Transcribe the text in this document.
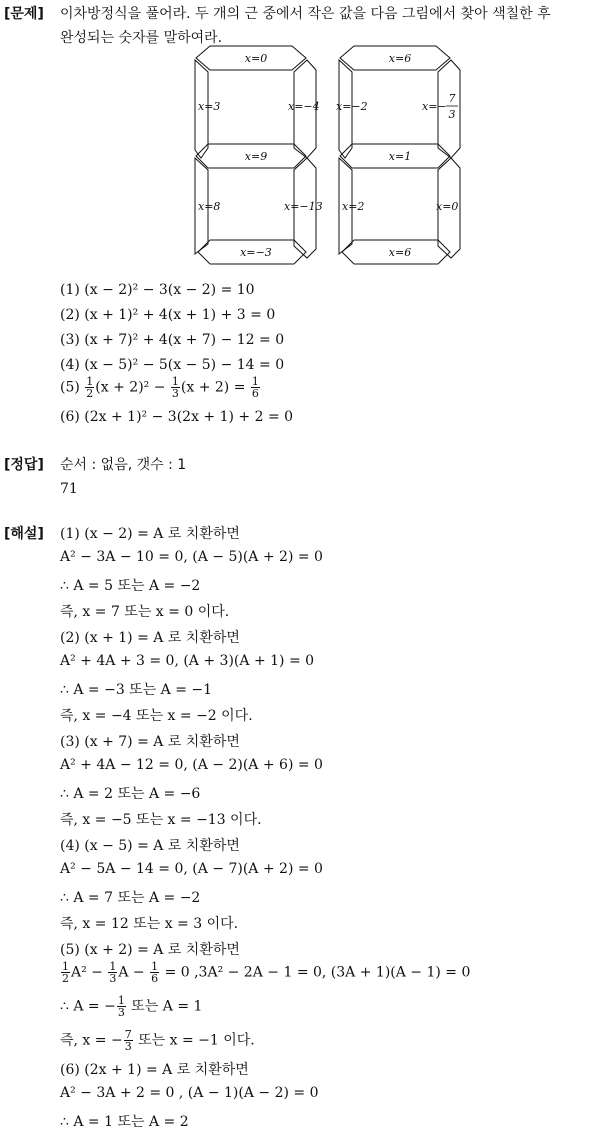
[문제] 이차방정식을 풀어라. 두 개의 근 중에서 작은 값을 다음 그림에서 찾아 색칠한 후
완성되는 숫자를 말하여라.
x=0
x=3	x=−4
x=9
x=8	x=−13
x=−3
x=6
x=−2	x=−
7
3
x=1
x=2	x=0
x=6
(1) (x − 2)² − 3(x − 2) = 10
(2) (x + 1)² + 4(x + 1) + 3 = 0
(3) (x + 7)² + 4(x + 7) − 12 = 0
(4) (x − 5)² − 5(x − 5) − 14 = 0
$(5) \frac{1}{2} (x + 2)^2 - \frac{1}{3} (x + 2) = \frac{1}{6}$
(6) (2x + 1)² − 3(2x + 1) + 2 = 0
[정답] 순서 : 없음, 갯수 : 1
71
[해설] (1) (x − 2) = A 로 치환하면
A² − 3A − 10 = 0, (A − 5)(A + 2) = 0
∴ A = 5 또는 A = −2
즉, x = 7 또는 x = 0 이다.
(2) (x + 1) = A 로 치환하면
A² + 4A + 3 = 0, (A + 3)(A + 1) = 0
∴ A = −3 또는 A = −1
즉, x = −4 또는 x = −2 이다.
(3) (x + 7) = A 로 치환하면
A² + 4A − 12 = 0, (A − 2)(A + 6) = 0
∴ A = 2 또는 A = −6
즉, x = −5 또는 x = −13 이다.
(4) (x − 5) = A 로 치환하면
A² − 5A − 14 = 0, (A − 7)(A + 2) = 0
∴ A = 7 또는 A = −2
즉, x = 12 또는 x = 3 이다.
(5) (x + 2) = A 로 치환하면
$\frac{1}{2} A^2 - \frac{1}{3}$ $A - \frac{1}{6} = 0$ ,3A² − 2A − 1 = 0, (3A + 1)(A − 1) = 0
∴ A = − $\frac{1}{3}$ 또는 A = 1
즉, x = − $\frac{7}{3}$ 또는 x = −1 이다.
(6) (2x + 1) = A 로 치환하면
A² − 3A + 2 = 0 , (A − 1)(A − 2) = 0
∴ A = 1 또는 A = 2
